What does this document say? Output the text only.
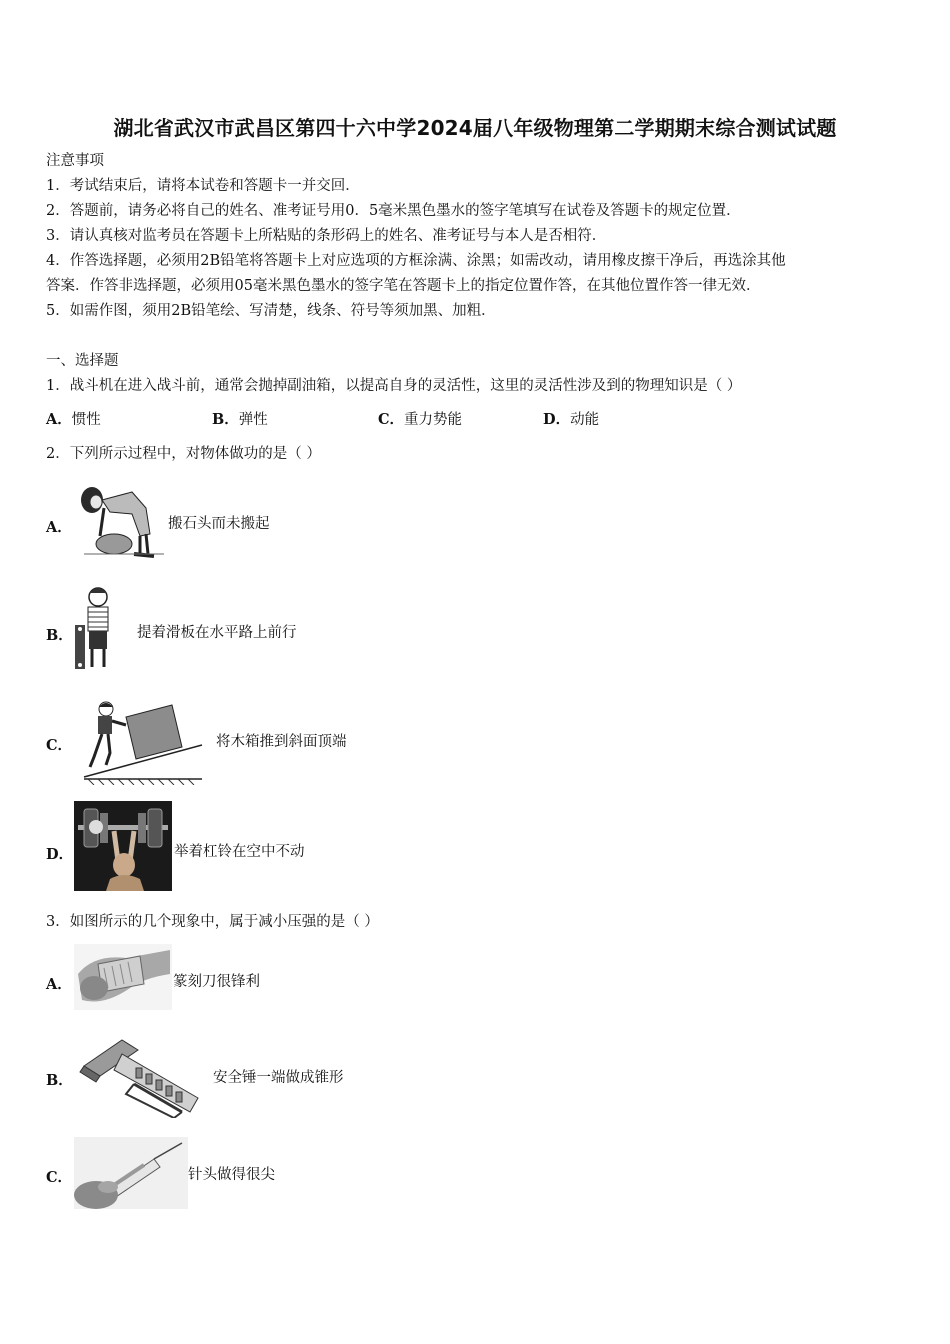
湖北省武汉市武昌区第四十六中学2024届八年级物理第二学期期末综合测试试题
注意事项
1．考试结束后，请将本试卷和答题卡一并交回．
2．答题前，请务必将自己的姓名、准考证号用0．5毫米黑色墨水的签字笔填写在试卷及答题卡的规定位置．
3．请认真核对监考员在答题卡上所粘贴的条形码上的姓名、准考证号与本人是否相符．
4．作答选择题，必须用2B铅笔将答题卡上对应选项的方框涂满、涂黑；如需改动，请用橡皮擦干净后，再选涂其他
答案．作答非选择题，必须用05毫米黑色墨水的签字笔在答题卡上的指定位置作答，在其他位置作答一律无效．
5．如需作图，须用2B铅笔绘、写清楚，线条、符号等须加黑、加粗．
一、选择题
1．战斗机在进入战斗前，通常会抛掉副油箱，以提高自身的灵活性，这里的灵活性涉及到的物理知识是（ ）
A．惯性	B．弹性	C．重力势能	D．动能
2．下列所示过程中，对物体做功的是（ ）
A．	搬石头而未搬起
B．	提着滑板在水平路上前行
C．	将木箱推到斜面顶端
D．	举着杠铃在空中不动
3．如图所示的几个现象中，属于减小压强的是（ ）
A．	篆刻刀很锋利
B．	安全锤一端做成锥形
C．	针头做得很尖
